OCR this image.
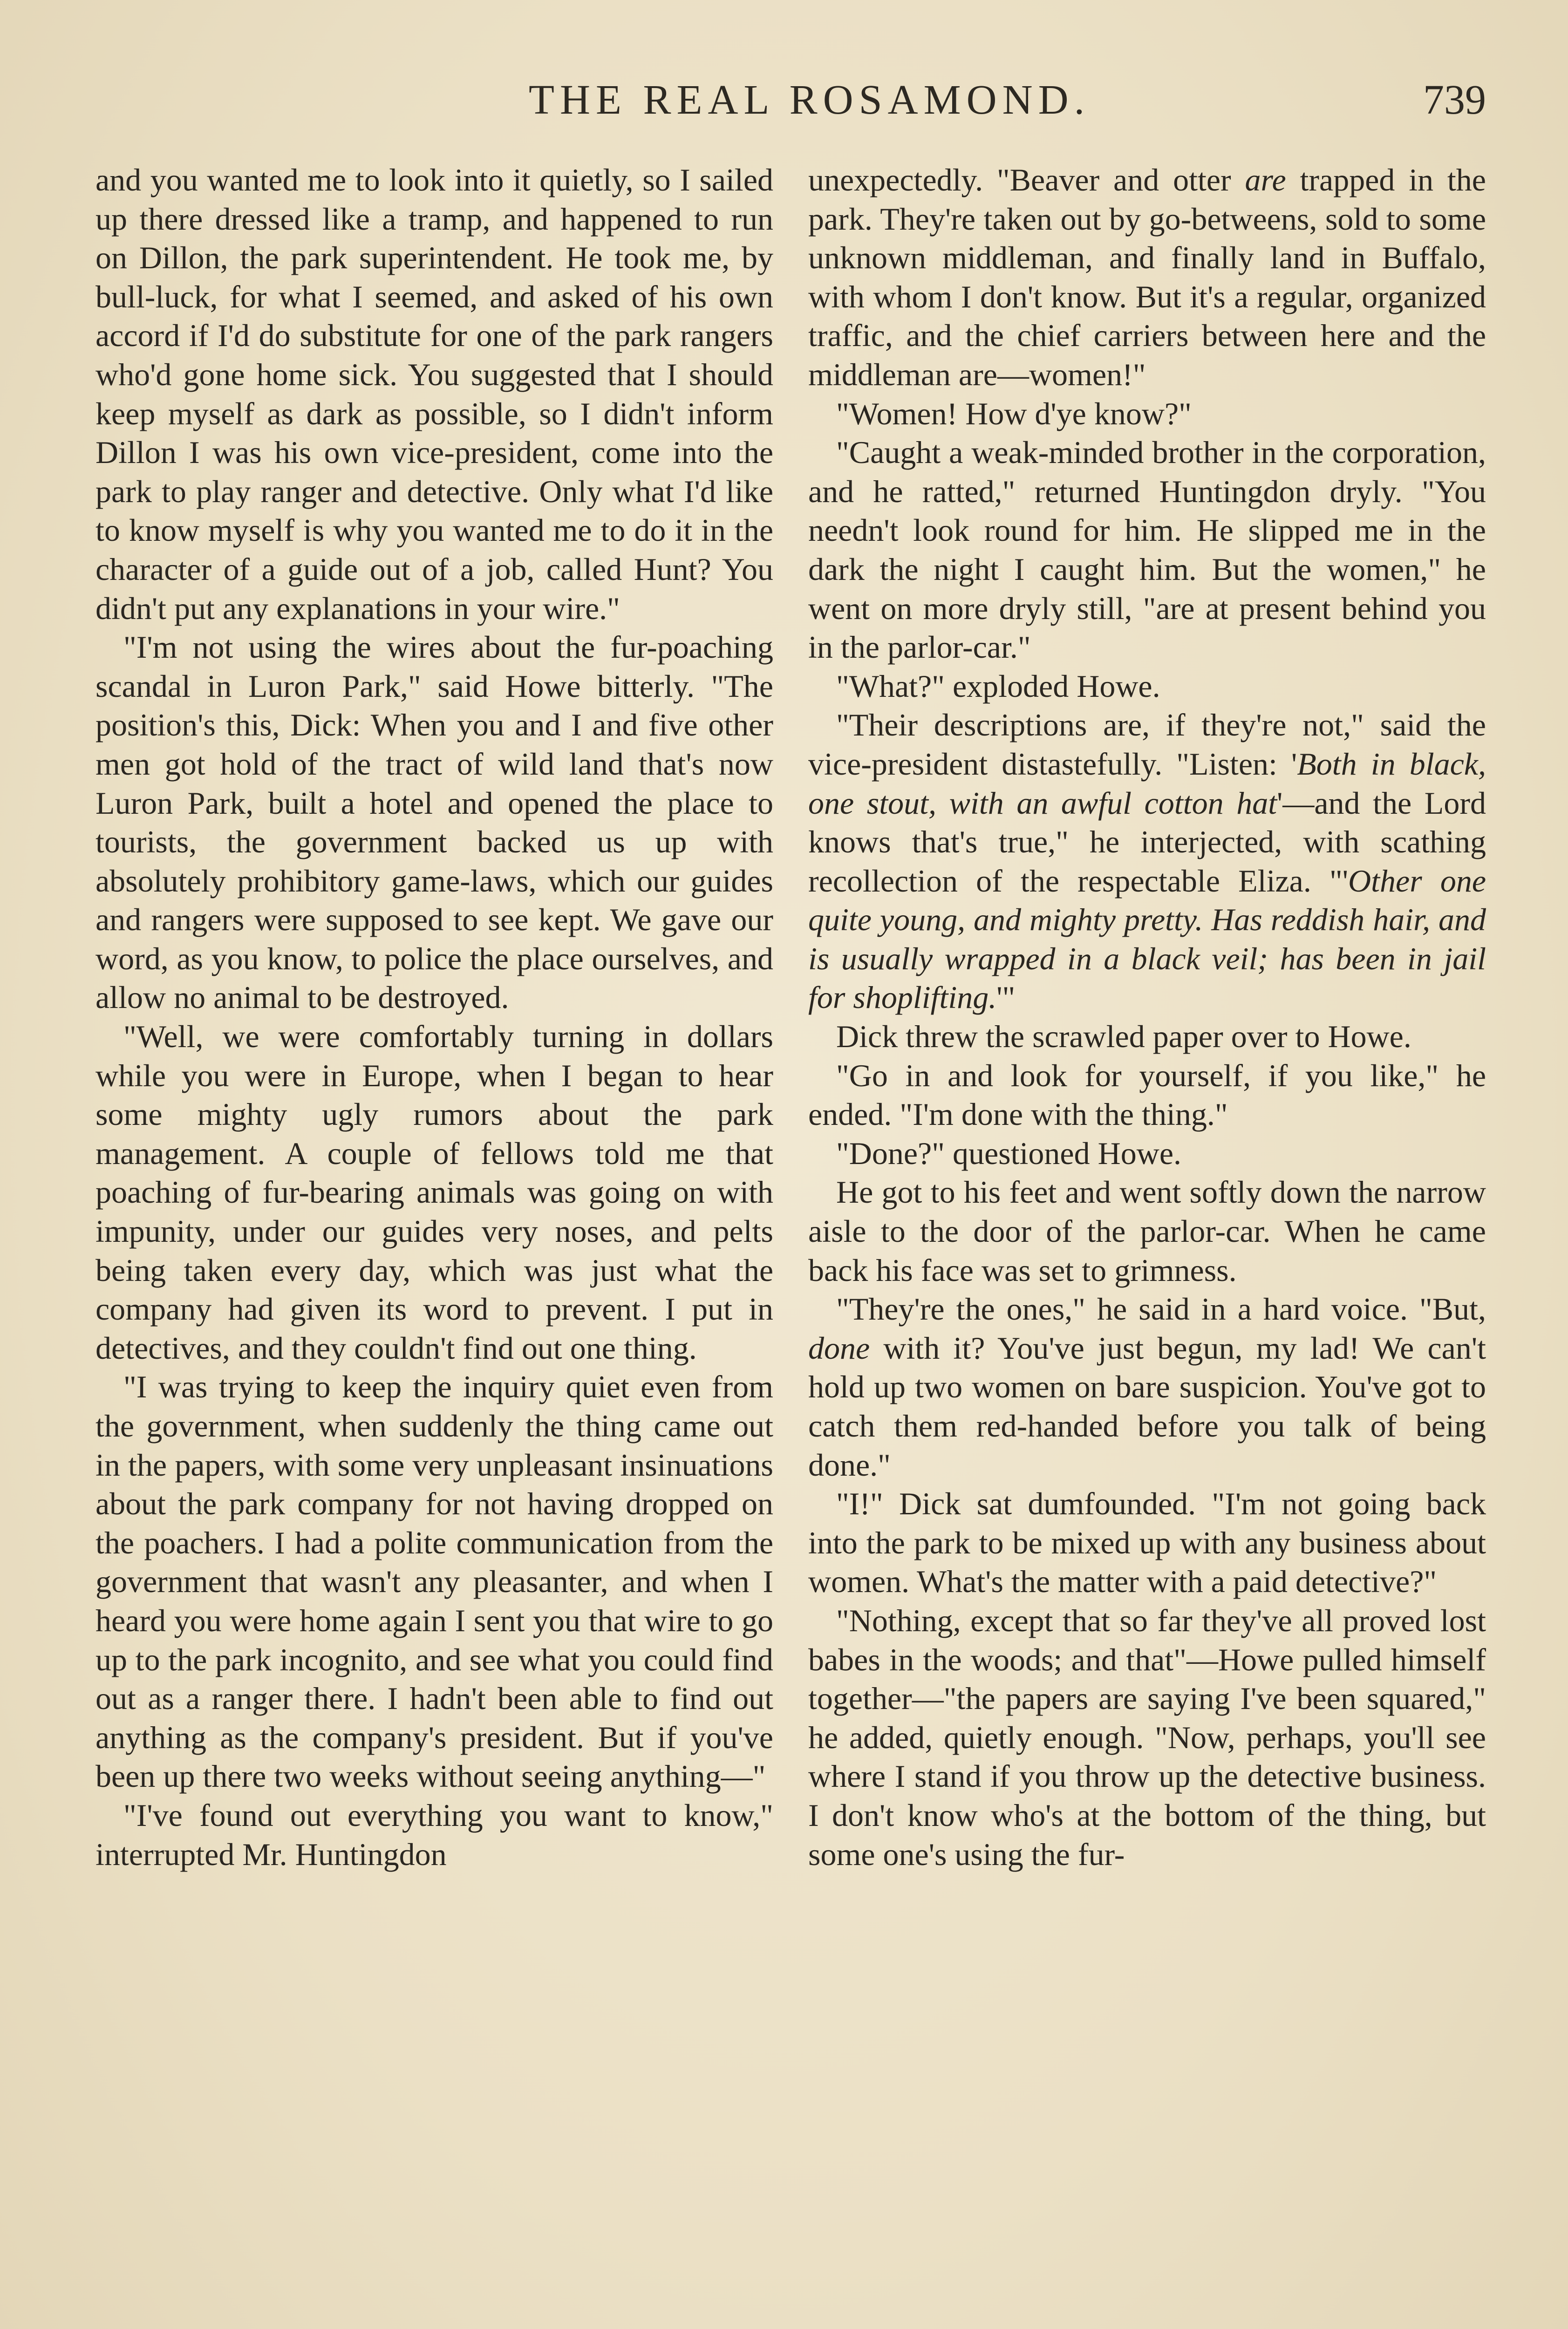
THE REAL ROSAMOND.	739

and you wanted me to look into it quietly, so I sailed up there dressed like a tramp, and happened to run on Dillon, the park superintendent. He took me, by bull-luck, for what I seemed, and asked of his own accord if I'd do substitute for one of the park rangers who'd gone home sick. You suggested that I should keep myself as dark as possible, so I didn't inform Dillon I was his own vice-president, come into the park to play ranger and detective. Only what I'd like to know myself is why you wanted me to do it in the character of a guide out of a job, called Hunt? You didn't put any explanations in your wire."

"I'm not using the wires about the fur-poaching scandal in Luron Park," said Howe bitterly. "The position's this, Dick: When you and I and five other men got hold of the tract of wild land that's now Luron Park, built a hotel and opened the place to tourists, the government backed us up with absolutely prohibitory game-laws, which our guides and rangers were supposed to see kept. We gave our word, as you know, to police the place ourselves, and allow no animal to be destroyed.

"Well, we were comfortably turning in dollars while you were in Europe, when I began to hear some mighty ugly rumors about the park management. A couple of fellows told me that poaching of fur-bearing animals was going on with impunity, under our guides very noses, and pelts being taken every day, which was just what the company had given its word to prevent. I put in detectives, and they couldn't find out one thing.

"I was trying to keep the inquiry quiet even from the government, when suddenly the thing came out in the papers, with some very unpleasant insinuations about the park company for not having dropped on the poachers. I had a polite communication from the government that wasn't any pleasanter, and when I heard you were home again I sent you that wire to go up to the park incognito, and see what you could find out as a ranger there. I hadn't been able to find out anything as the company's president. But if you've been up there two weeks without seeing anything—"

"I've found out everything you want to know," interrupted Mr. Huntingdon

unexpectedly. "Beaver and otter are trapped in the park. They're taken out by go-betweens, sold to some unknown middleman, and finally land in Buffalo, with whom I don't know. But it's a regular, organized traffic, and the chief carriers between here and the middleman are—women!"

"Women! How d'ye know?"

"Caught a weak-minded brother in the corporation, and he ratted," returned Huntingdon dryly. "You needn't look round for him. He slipped me in the dark the night I caught him. But the women," he went on more dryly still, "are at present behind you in the parlor-car."

"What?" exploded Howe.

"Their descriptions are, if they're not," said the vice-president distastefully. "Listen: 'Both in black, one stout, with an awful cotton hat'—and the Lord knows that's true," he interjected, with scathing recollection of the respectable Eliza. "'Other one quite young, and mighty pretty. Has reddish hair, and is usually wrapped in a black veil; has been in jail for shoplifting.'"

Dick threw the scrawled paper over to Howe.

"Go in and look for yourself, if you like," he ended. "I'm done with the thing."

"Done?" questioned Howe.

He got to his feet and went softly down the narrow aisle to the door of the parlor-car. When he came back his face was set to grimness.

"They're the ones," he said in a hard voice. "But, done with it? You've just begun, my lad! We can't hold up two women on bare suspicion. You've got to catch them red-handed before you talk of being done."

"I!" Dick sat dumfounded. "I'm not going back into the park to be mixed up with any business about women. What's the matter with a paid detective?"

"Nothing, except that so far they've all proved lost babes in the woods; and that"—Howe pulled himself together—"the papers are saying I've been squared," he added, quietly enough. "Now, perhaps, you'll see where I stand if you throw up the detective business. I don't know who's at the bottom of the thing, but some one's using the fur-
